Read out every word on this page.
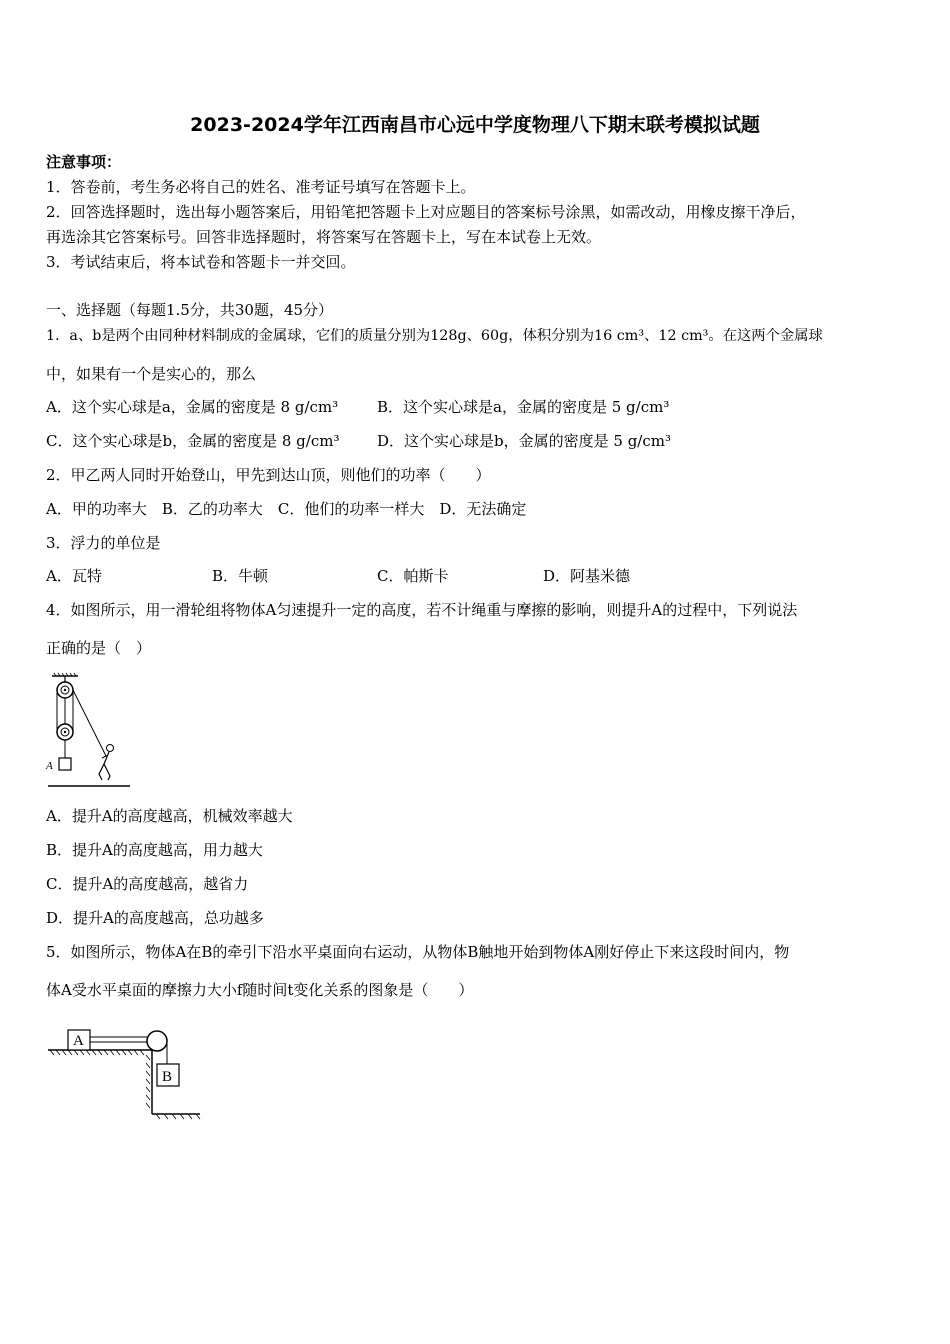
2023-2024学年江西南昌市心远中学度物理八下期末联考模拟试题
注意事项：
1．答卷前，考生务必将自己的姓名、准考证号填写在答题卡上。
2．回答选择题时，选出每小题答案后，用铅笔把答题卡上对应题目的答案标号涂黑，如需改动，用橡皮擦干净后，
再选涂其它答案标号。回答非选择题时，将答案写在答题卡上，写在本试卷上无效。
3．考试结束后，将本试卷和答题卡一并交回。
一、选择题（每题1.5分，共30题，45分）
1．a、b是两个由同种材料制成的金属球，它们的质量分别为128g、60g，体积分别为16 cm³、12 cm³。在这两个金属球
中，如果有一个是实心的，那么
A．这个实心球是a，金属的密度是 8 g/cm³	B．这个实心球是a，金属的密度是 5 g/cm³
C．这个实心球是b，金属的密度是 8 g/cm³	D．这个实心球是b，金属的密度是 5 g/cm³
2．甲乙两人同时开始登山，甲先到达山顶，则他们的功率（　　）
A．甲的功率大　B．乙的功率大　C．他们的功率一样大　D．无法确定
3．浮力的单位是
A．瓦特	B．牛顿	C．帕斯卡	D．阿基米德
4．如图所示，用一滑轮组将物体A匀速提升一定的高度，若不计绳重与摩擦的影响，则提升A的过程中，下列说法
正确的是（　）
A
A．提升A的高度越高，机械效率越大
B．提升A的高度越高，用力越大
C．提升A的高度越高，越省力
D．提升A的高度越高，总功越多
5．如图所示，物体A在B的牵引下沿水平桌面向右运动，从物体B触地开始到物体A刚好停止下来这段时间内，物
体A受水平桌面的摩擦力大小f随时间t变化关系的图象是（　　）
A
B
